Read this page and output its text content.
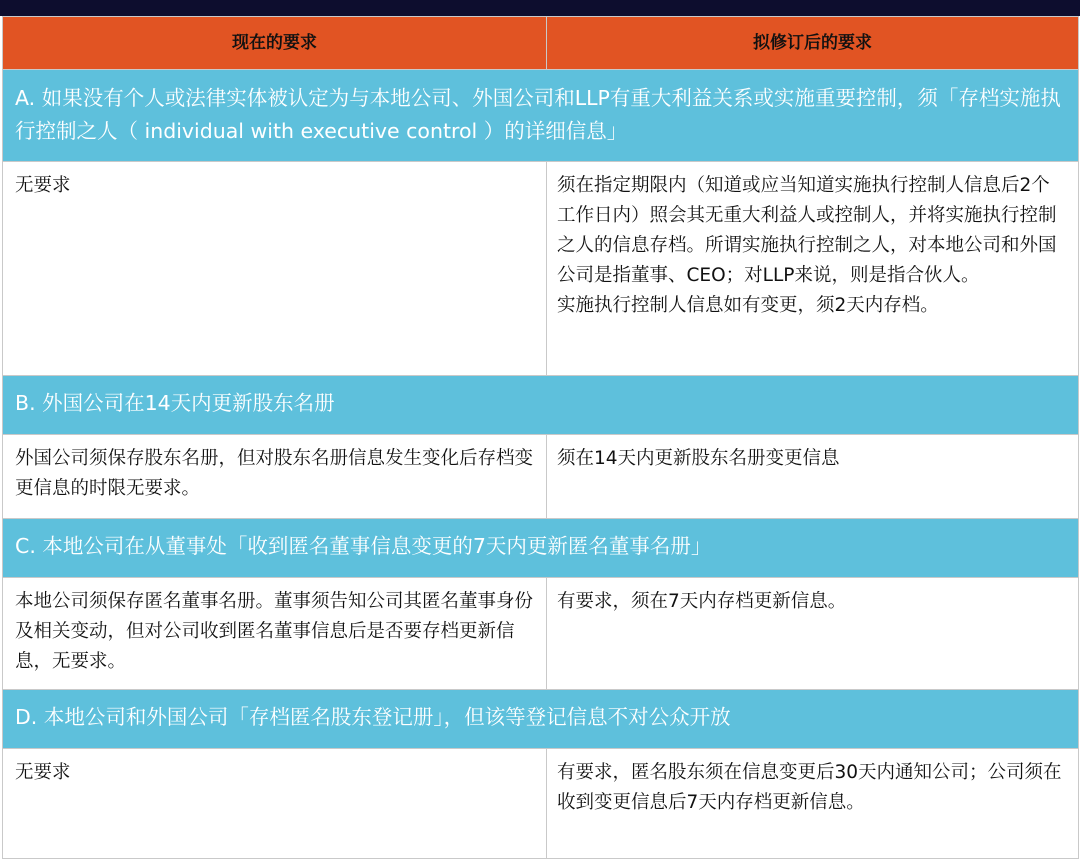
现在的要求	拟修订后的要求
A. 如果没有个人或法律实体被认定为与本地公司、外国公司和LLP有重大利益关系或实施重要控制，须「存档实施执行控制之人（ individual with executive control ）的详细信息」	
无要求	须在指定期限内（知道或应当知道实施执行控制人信息后2个工作日内）照会其无重大利益人或控制人，并将实施执行控制之人的信息存档。所谓实施执行控制之人，对本地公司和外国公司是指董事、CEO；对LLP来说，则是指合伙人。
实施执行控制人信息如有变更，须2天内存档。

B. 外国公司在14天内更新股东名册	
外国公司须保存股东名册，但对股东名册信息发生变化后存档变更信息的时限无要求。	须在14天内更新股东名册变更信息
C. 本地公司在从董事处「收到匿名董事信息变更的7天内更新匿名董事名册」	
本地公司须保存匿名董事名册。董事须告知公司其匿名董事身份及相关变动，但对公司收到匿名董事信息后是否要存档更新信息，无要求。	有要求，须在7天内存档更新信息。
D. 本地公司和外国公司「存档匿名股东登记册」，但该等登记信息不对公众开放	
无要求	有要求，匿名股东须在信息变更后30天内通知公司；公司须在收到变更信息后7天内存档更新信息。
